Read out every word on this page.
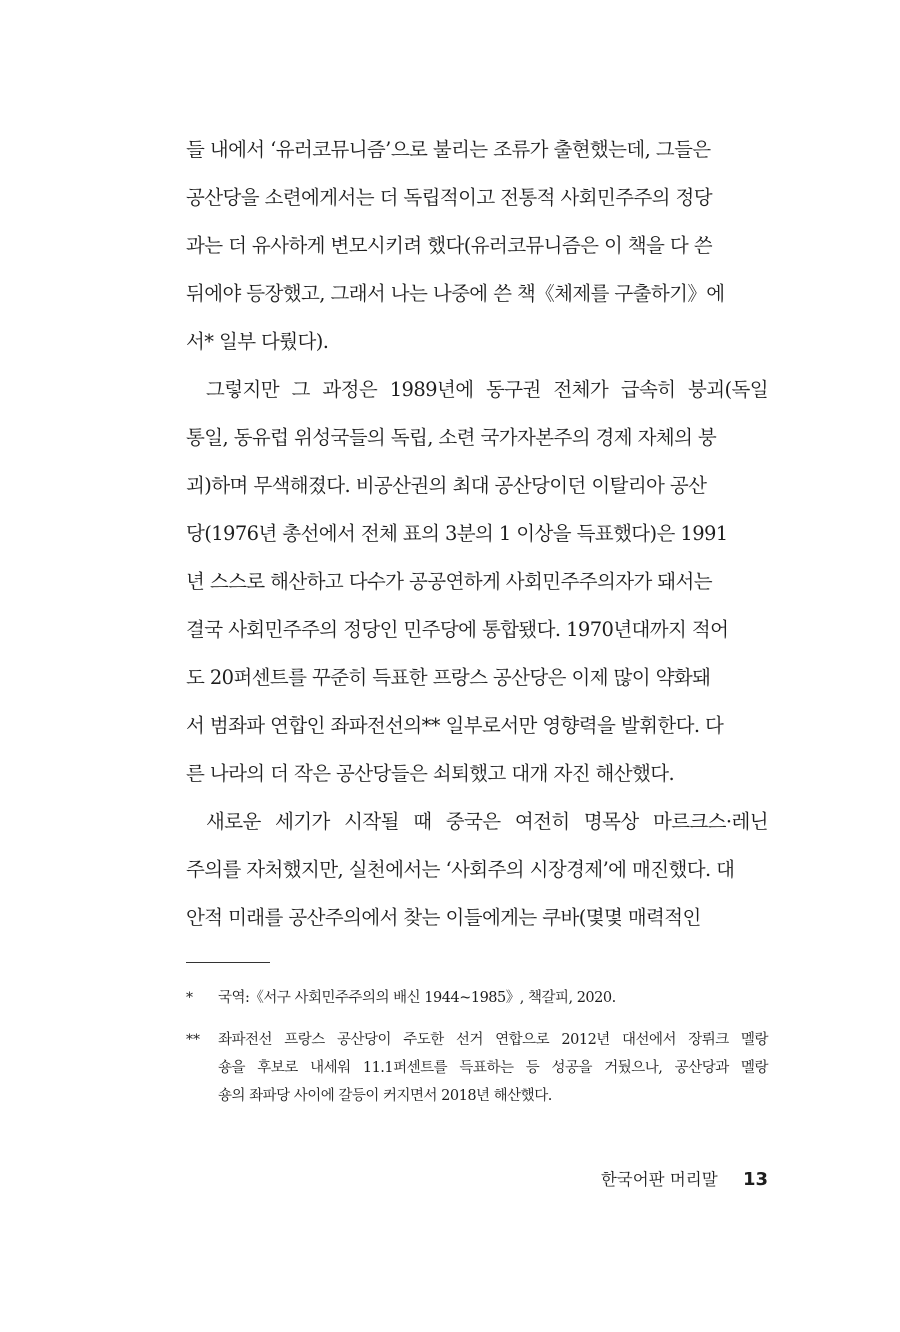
들 내에서 ‘유러코뮤니즘’으로 불리는 조류가 출현했는데, 그들은
공산당을 소련에게서는 더 독립적이고 전통적 사회민주주의 정당
과는 더 유사하게 변모시키려 했다(유러코뮤니즘은 이 책을 다 쓴
뒤에야 등장했고, 그래서 나는 나중에 쓴 책《체제를 구출하기》에
서* 일부 다뤘다).
그렇지만 그 과정은 1989년에 동구권 전체가 급속히 붕괴(독일
통일, 동유럽 위성국들의 독립, 소련 국가자본주의 경제 자체의 붕
괴)하며 무색해졌다. 비공산권의 최대 공산당이던 이탈리아 공산
당(1976년 총선에서 전체 표의 3분의 1 이상을 득표했다)은 1991
년 스스로 해산하고 다수가 공공연하게 사회민주주의자가 돼서는
결국 사회민주주의 정당인 민주당에 통합됐다. 1970년대까지 적어
도 20퍼센트를 꾸준히 득표한 프랑스 공산당은 이제 많이 약화돼
서 범좌파 연합인 좌파전선의** 일부로서만 영향력을 발휘한다. 다
른 나라의 더 작은 공산당들은 쇠퇴했고 대개 자진 해산했다.
새로운 세기가 시작될 때 중국은 여전히 명목상 마르크스·레닌
주의를 자처했지만, 실천에서는 ‘사회주의 시장경제’에 매진했다. 대
안적 미래를 공산주의에서 찾는 이들에게는 쿠바(몇몇 매력적인
* 국역:《서구 사회민주주의의 배신 1944~1985》, 책갈피, 2020.
** 좌파전선 프랑스 공산당이 주도한 선거 연합으로 2012년 대선에서 장뤼크 멜랑
숑을 후보로 내세워 11.1퍼센트를 득표하는 등 성공을 거뒀으나, 공산당과 멜랑
숑의 좌파당 사이에 갈등이 커지면서 2018년 해산했다.
한국어판 머리말 13
